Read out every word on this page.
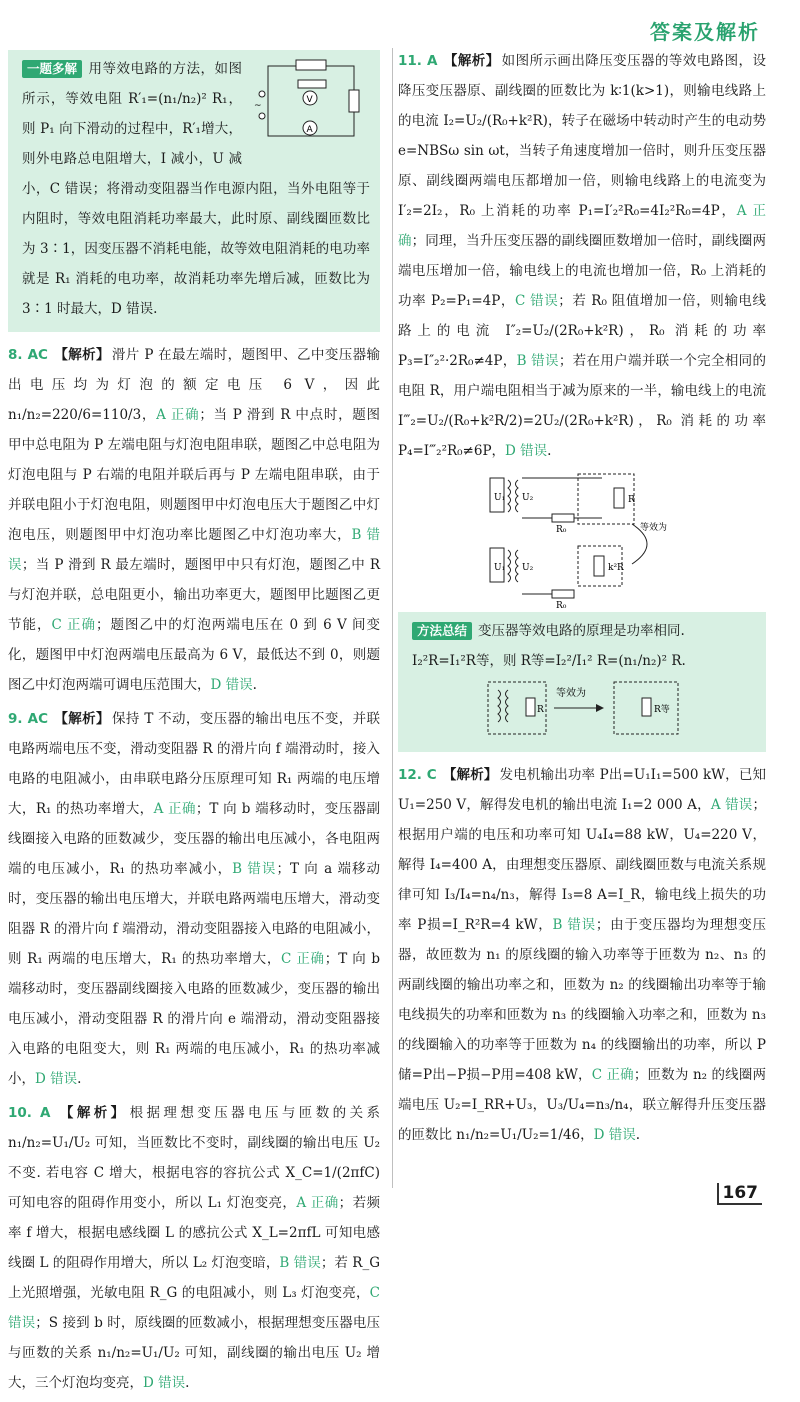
答案及解析
V
A
~
一题多解 用等效电路的方法，如图所示，等效电阻 R′₁=(n₁/n₂)² R₁，则 P₁ 向下滑动的过程中，R′₁增大，则外电路总电阻增大，I 减小，U 减小，C 错误；将滑动变阻器当作电源内阻，当外电阻等于内阻时，等效电阻消耗功率最大，此时原、副线圈匝数比为 3∶1，因变压器不消耗电能，故等效电阻消耗的电功率就是 R₁ 消耗的电功率，故消耗功率先增后减，匝数比为 3∶1 时最大，D 错误.
8. AC 【解析】 滑片 P 在最左端时，题图甲、乙中变压器输出电压均为灯泡的额定电压 6 V，因此 n₁/n₂=220/6=110/3，A 正确；当 P 滑到 R 中点时，题图甲中总电阻为 P 左端电阻与灯泡电阻串联，题图乙中总电阻为灯泡电阻与 P 右端的电阻并联后再与 P 左端电阻串联，由于并联电阻小于灯泡电阻，则题图甲中灯泡电压大于题图乙中灯泡电压，则题图甲中灯泡功率比题图乙中灯泡功率大，B 错误；当 P 滑到 R 最左端时，题图甲中只有灯泡，题图乙中 R 与灯泡并联，总电阻更小，输出功率更大，题图甲比题图乙更节能，C 正确；题图乙中的灯泡两端电压在 0 到 6 V 间变化，题图甲中灯泡两端电压最高为 6 V，最低达不到 0，则题图乙中灯泡两端可调电压范围大，D 错误.
9. AC 【解析】 保持 T 不动，变压器的输出电压不变，并联电路两端电压不变，滑动变阻器 R 的滑片向 f 端滑动时，接入电路的电阻减小，由串联电路分压原理可知 R₁ 两端的电压增大，R₁ 的热功率增大，A 正确；T 向 b 端移动时，变压器副线圈接入电路的匝数减少，变压器的输出电压减小，各电阻两端的电压减小，R₁ 的热功率减小，B 错误；T 向 a 端移动时，变压器的输出电压增大，并联电路两端电压增大，滑动变阻器 R 的滑片向 f 端滑动，滑动变阻器接入电路的电阻减小，则 R₁ 两端的电压增大，R₁ 的热功率增大，C 正确；T 向 b 端移动时，变压器副线圈接入电路的匝数减少，变压器的输出电压减小，滑动变阻器 R 的滑片向 e 端滑动，滑动变阻器接入电路的电阻变大，则 R₁ 两端的电压减小，R₁ 的热功率减小，D 错误.
10. A 【解析】 根据理想变压器电压与匝数的关系 n₁/n₂=U₁/U₂ 可知，当匝数比不变时，副线圈的输出电压 U₂ 不变. 若电容 C 增大，根据电容的容抗公式 X_C=1/(2πfC) 可知电容的阻碍作用变小，所以 L₁ 灯泡变亮，A 正确；若频率 f 增大，根据电感线圈 L 的感抗公式 X_L=2πfL 可知电感线圈 L 的阻碍作用增大，所以 L₂ 灯泡变暗，B 错误；若 R_G 上光照增强，光敏电阻 R_G 的电阻减小，则 L₃ 灯泡变亮，C 错误；S 接到 b 时，原线圈的匝数减小，根据理想变压器电压与匝数的关系 n₁/n₂=U₁/U₂ 可知，副线圈的输出电压 U₂ 增大，三个灯泡均变亮，D 错误.
11. A 【解析】 如图所示画出降压变压器的等效电路图，设降压变压器原、副线圈的匝数比为 k∶1(k>1)，则输电线路上的电流 I₂=U₂/(R₀+k²R)，转子在磁场中转动时产生的电动势 e=NBSω sin ωt，当转子角速度增加一倍时，则升压变压器原、副线圈两端电压都增加一倍，则输电线路上的电流变为 I′₂=2I₂，R₀ 上消耗的功率 P₁=I′₂²R₀=4I₂²R₀=4P，A 正确；同理，当升压变压器的副线圈匝数增加一倍时，副线圈两端电压增加一倍，输电线上的电流也增加一倍，R₀ 上消耗的功率 P₂=P₁=4P，C 错误；若 R₀ 阻值增加一倍，则输电线路上的电流 I″₂=U₂/(2R₀+k²R)，R₀ 消耗的功率 P₃=I″₂²·2R₀≠4P，B 错误；若在用户端并联一个完全相同的电阻 R，用户端电阻相当于减为原来的一半，输电线上的电流 I‴₂=U₂/(R₀+k²R/2)=2U₂/(2R₀+k²R)，R₀ 消耗的功率 P₄=I‴₂²R₀≠6P，D 错误.
U₁ U₂
R₀
R
等效为
U₁ U₂	k²R
R₀
方法总结 变压器等效电路的原理是功率相同.
I₂²R=I₁²R等，则 R等=I₂²/I₁² R=(n₁/n₂)² R.
R
等效为
R等
12. C 【解析】 发电机输出功率 P出=U₁I₁=500 kW，已知 U₁=250 V，解得发电机的输出电流 I₁=2 000 A，A 错误；根据用户端的电压和功率可知 U₄I₄=88 kW，U₄=220 V，解得 I₄=400 A，由理想变压器原、副线圈匝数与电流关系规律可知 I₃/I₄=n₄/n₃，解得 I₃=8 A=I_R，输电线上损失的功率 P损=I_R²R=4 kW，B 错误；由于变压器均为理想变压器，故匝数为 n₁ 的原线圈的输入功率等于匝数为 n₂、n₃ 的两副线圈的输出功率之和，匝数为 n₂ 的线圈输出功率等于输电线损失的功率和匝数为 n₃ 的线圈输入功率之和，匝数为 n₃ 的线圈输入的功率等于匝数为 n₄ 的线圈输出的功率，所以 P储=P出−P损−P用=408 kW，C 正确；匝数为 n₂ 的线圈两端电压 U₂=I_RR+U₃，U₃/U₄=n₃/n₄，联立解得升压变压器的匝数比 n₁/n₂=U₁/U₂=1/46，D 错误.
167
